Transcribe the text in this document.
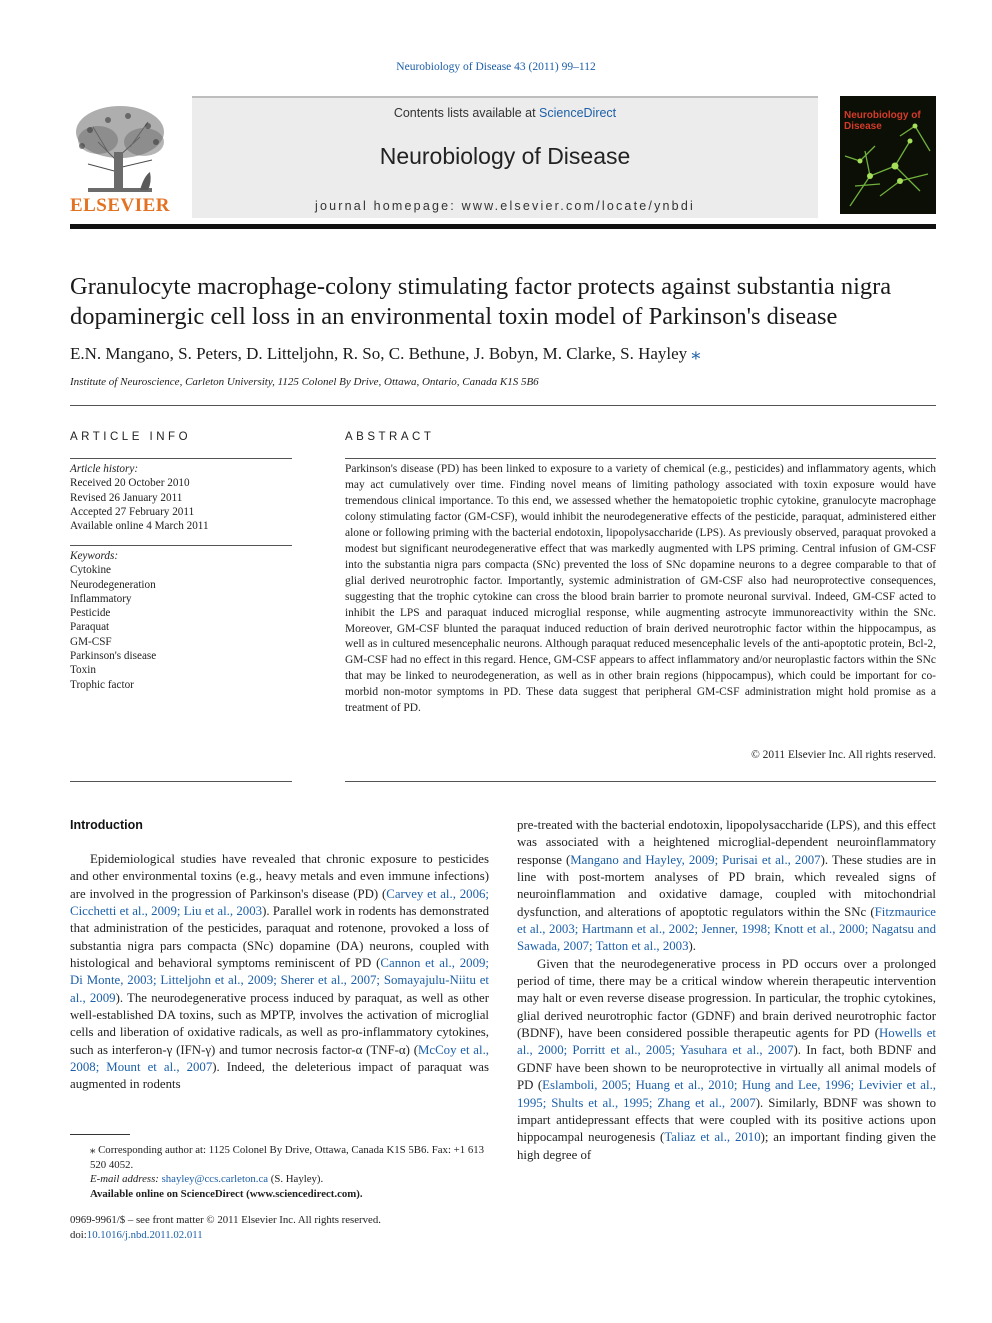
Neurobiology of Disease 43 (2011) 99–112
ELSEVIER
Contents lists available at ScienceDirect
Neurobiology of Disease
journal homepage: www.elsevier.com/locate/ynbdi
Neurobiology of Disease
Granulocyte macrophage-colony stimulating factor protects against substantia nigra dopaminergic cell loss in an environmental toxin model of Parkinson's disease
E.N. Mangano, S. Peters, D. Litteljohn, R. So, C. Bethune, J. Bobyn, M. Clarke, S. Hayley ⁎
Institute of Neuroscience, Carleton University, 1125 Colonel By Drive, Ottawa, Ontario, Canada K1S 5B6
ARTICLE INFO
Article history:
Received 20 October 2010
Revised 26 January 2011
Accepted 27 February 2011
Available online 4 March 2011
Keywords:
Cytokine
Neurodegeneration
Inflammatory
Pesticide
Paraquat
GM-CSF
Parkinson's disease
Toxin
Trophic factor
ABSTRACT
Parkinson's disease (PD) has been linked to exposure to a variety of chemical (e.g., pesticides) and inflammatory agents, which may act cumulatively over time. Finding novel means of limiting pathology associated with toxin exposure would have tremendous clinical importance. To this end, we assessed whether the hematopoietic trophic cytokine, granulocyte macrophage colony stimulating factor (GM-CSF), would inhibit the neurodegenerative effects of the pesticide, paraquat, administered either alone or following priming with the bacterial endotoxin, lipopolysaccharide (LPS). As previously observed, paraquat provoked a modest but significant neurodegenerative effect that was markedly augmented with LPS priming. Central infusion of GM-CSF into the substantia nigra pars compacta (SNc) prevented the loss of SNc dopamine neurons to a degree comparable to that of glial derived neurotrophic factor. Importantly, systemic administration of GM-CSF also had neuroprotective consequences, suggesting that the trophic cytokine can cross the blood brain barrier to promote neuronal survival. Indeed, GM-CSF acted to inhibit the LPS and paraquat induced microglial response, while augmenting astrocyte immunoreactivity within the SNc. Moreover, GM-CSF blunted the paraquat induced reduction of brain derived neurotrophic factor within the hippocampus, as well as in cultured mesencephalic neurons. Although paraquat reduced mesencephalic levels of the anti-apoptotic protein, Bcl-2, GM-CSF had no effect in this regard. Hence, GM-CSF appears to affect inflammatory and/or neuroplastic factors within the SNc that may be linked to neurodegeneration, as well as in other brain regions (hippocampus), which could be important for co-morbid non-motor symptoms in PD. These data suggest that peripheral GM-CSF administration might hold promise as a treatment of PD.
© 2011 Elsevier Inc. All rights reserved.
Introduction

Epidemiological studies have revealed that chronic exposure to pesticides and other environmental toxins (e.g., heavy metals and even immune infections) are involved in the progression of Parkinson's disease (PD) (Carvey et al., 2006; Cicchetti et al., 2009; Liu et al., 2003). Parallel work in rodents has demonstrated that administration of the pesticides, paraquat and rotenone, provoked a loss of substantia nigra pars compacta (SNc) dopamine (DA) neurons, coupled with histological and behavioral symptoms reminiscent of PD (Cannon et al., 2009; Di Monte, 2003; Litteljohn et al., 2009; Sherer et al., 2007; Somayajulu-Niitu et al., 2009). The neurodegenerative process induced by paraquat, as well as other well-established DA toxins, such as MPTP, involves the activation of microglial cells and liberation of oxidative radicals, as well as pro-inflammatory cytokines, such as interferon-γ (IFN-γ) and tumor necrosis factor-α (TNF-α) (McCoy et al., 2008; Mount et al., 2007). Indeed, the deleterious impact of paraquat was augmented in rodents

pre-treated with the bacterial endotoxin, lipopolysaccharide (LPS), and this effect was associated with a heightened microglial-dependent neuroinflammatory response (Mangano and Hayley, 2009; Purisai et al., 2007). These studies are in line with post-mortem analyses of PD brain, which revealed signs of neuroinflammation and oxidative damage, coupled with mitochondrial dysfunction, and alterations of apoptotic regulators within the SNc (Fitzmaurice et al., 2003; Hartmann et al., 2002; Jenner, 1998; Knott et al., 2000; Nagatsu and Sawada, 2007; Tatton et al., 2003).

Given that the neurodegenerative process in PD occurs over a prolonged period of time, there may be a critical window wherein therapeutic intervention may halt or even reverse disease progression. In particular, the trophic cytokines, glial derived neurotrophic factor (GDNF) and brain derived neurotrophic factor (BDNF), have been considered possible therapeutic agents for PD (Howells et al., 2000; Porritt et al., 2005; Yasuhara et al., 2007). In fact, both BDNF and GDNF have been shown to be neuroprotective in virtually all animal models of PD (Eslamboli, 2005; Huang et al., 2010; Hung and Lee, 1996; Levivier et al., 1995; Shults et al., 1995; Zhang et al., 2007). Similarly, BDNF was shown to impart antidepressant effects that were coupled with its positive actions upon hippocampal neurogenesis (Taliaz et al., 2010); an important finding given the high degree of

⁎ Corresponding author at: 1125 Colonel By Drive, Ottawa, Canada K1S 5B6. Fax: +1 613 520 4052.
E-mail address: shayley@ccs.carleton.ca (S. Hayley).
Available online on ScienceDirect (www.sciencedirect.com).
0969-9961/$ – see front matter © 2011 Elsevier Inc. All rights reserved.
doi:10.1016/j.nbd.2011.02.011
